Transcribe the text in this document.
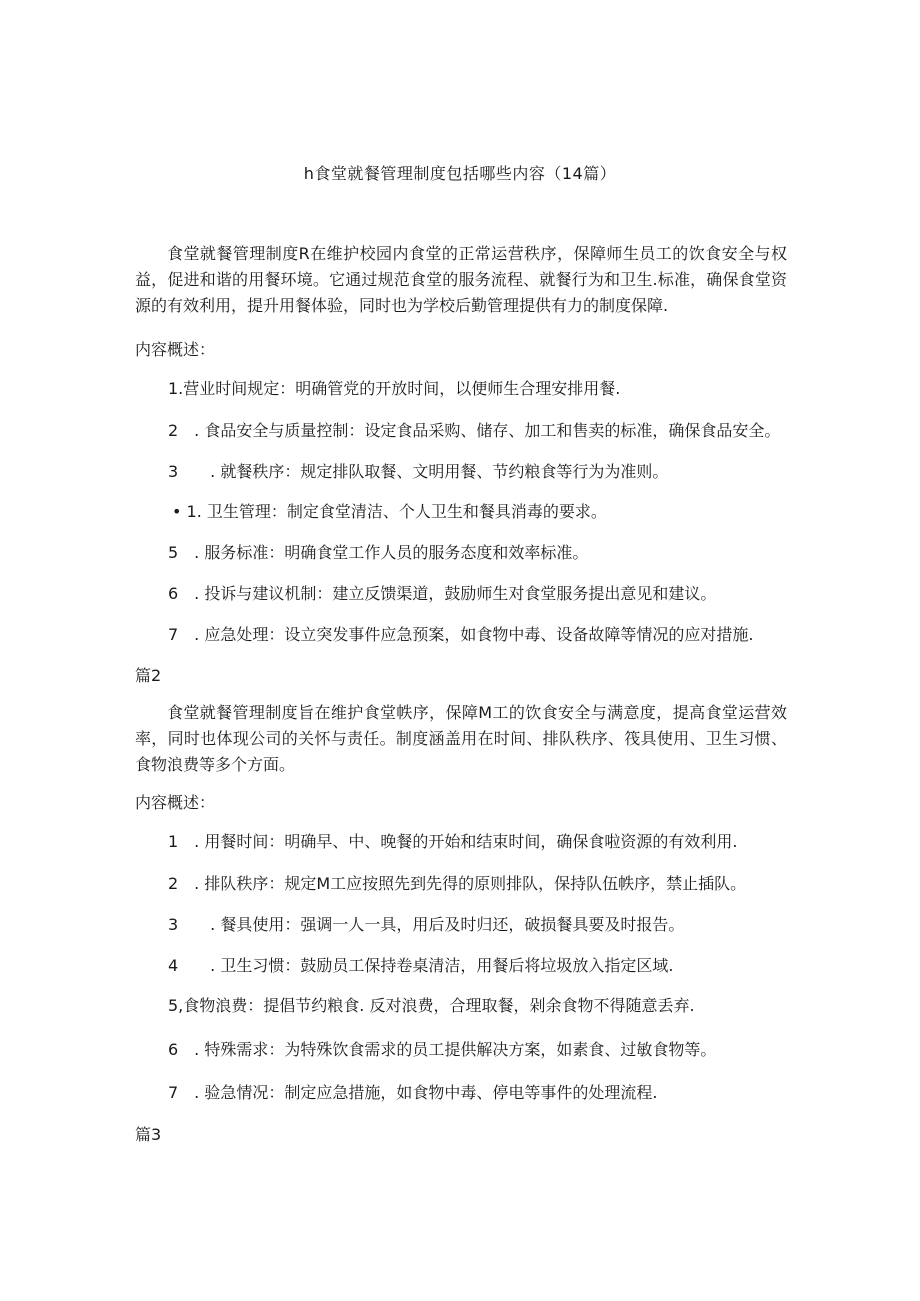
h食堂就餐管理制度包括哪些内容（14篇）
食堂就餐管理制度R在维护校园内食堂的正常运营秩序，保障师生员工的饮食安全与权益，促进和谐的用餐环境。它通过规范食堂的服务流程、就餐行为和卫生.标准，确保食堂资源的有效利用，提升用餐体验，同时也为学校后勤管理提供有力的制度保障.
内容概述：
1.营业时间规定：明确管党的开放时间，以便师生合理安排用餐.
2　. 食品安全与质量控制：设定食品采购、储存、加工和售卖的标准，确保食品安全。
3　　. 就餐秩序：规定排队取餐、文明用餐、节约粮食等行为为准则。
• 1. 卫生管理：制定食堂清洁、个人卫生和餐具消毒的要求。
5　. 服务标准：明确食堂工作人员的服务态度和效率标准。
6　. 投诉与建议机制：建立反馈渠道，鼓励师生对食堂服务提出意见和建议。
7　. 应急处理：设立突发事件应急预案，如食物中毒、设备故障等情况的应对措施.
篇2
食堂就餐管理制度旨在维护食堂帙序，保障M工的饮食安全与满意度，提高食堂运营效率，同时也体现公司的关怀与责任。制度涵盖用在时间、排队秩序、筏具使用、卫生习惯、食物浪费等多个方面。
内容概述：
1　. 用餐时间：明确早、中、晚餐的开始和结束时间，确保食啦资源的有效利用.
2　. 排队秩序：规定M工应按照先到先得的原则排队，保持队伍帙序，禁止插队。
3　　. 餐具使用：强调一人一具，用后及时归还，破损餐具要及时报告。
4　　. 卫生习惯：鼓励员工保持卷桌清洁，用餐后将垃圾放入指定区域.
5,食物浪费：提倡节约粮食. 反对浪费，合理取餐，剁余食物不得随意丢弃.
6　. 特殊需求：为特殊饮食需求的员工提供解决方案，如素食、过敏食物等。
7　. 验急情况：制定应急措施，如食物中毒、停电等事件的处理流程.
篇3
